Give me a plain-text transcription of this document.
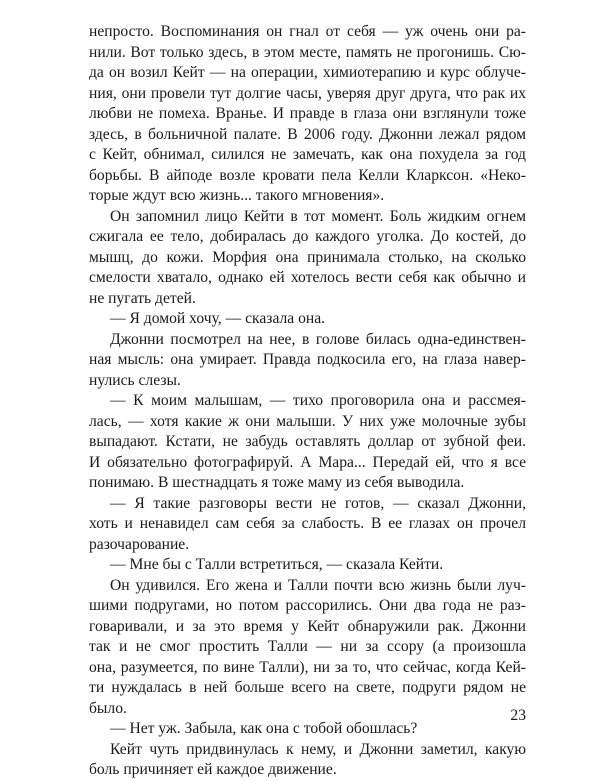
непросто. Воспоминания он гнал от себя — уж очень они ра-
нили. Вот только здесь, в этом месте, память не прогонишь. Сю-
да он возил Кейт — на операции, химиотерапию и курс облуче-
ния, они провели тут долгие часы, уверяя друг друга, что рак их
любви не помеха. Вранье. И правде в глаза они взглянули тоже
здесь, в больничной палате. В 2006 году. Джонни лежал рядом
с Кейт, обнимал, силился не замечать, как она похудела за год
борьбы. В айподе возле кровати пела Келли Кларксон. «Неко-
торые ждут всю жизнь... такого мгновения».
Он запомнил лицо Кейти в тот момент. Боль жидким огнем
сжигала ее тело, добиралась до каждого уголка. До костей, до
мышц, до кожи. Морфия она принимала столько, на сколько
смелости хватало, однако ей хотелось вести себя как обычно и
не пугать детей.
— Я домой хочу, — сказала она.
Джонни посмотрел на нее, в голове билась одна-единствен-
ная мысль: она умирает. Правда подкосила его, на глаза навер-
нулись слезы.
— К моим малышам, — тихо проговорила она и рассмея-
лась, — хотя какие ж они малыши. У них уже молочные зубы
выпадают. Кстати, не забудь оставлять доллар от зубной феи.
И обязательно фотографируй. А Мара... Передай ей, что я все
понимаю. В шестнадцать я тоже маму из себя выводила.
— Я такие разговоры вести не готов, — сказал Джонни,
хоть и ненавидел сам себя за слабость. В ее глазах он прочел
разочарование.
— Мне бы с Талли встретиться, — сказала Кейти.
Он удивился. Его жена и Талли почти всю жизнь были луч-
шими подругами, но потом рассорились. Они два года не раз-
говаривали, и за это время у Кейт обнаружили рак. Джонни
так и не смог простить Талли — ни за ссору (а произошла
она, разумеется, по вине Талли), ни за то, что сейчас, когда Кей-
ти нуждалась в ней больше всего на свете, подруги рядом не
было.
— Нет уж. Забыла, как она с тобой обошлась?
Кейт чуть придвинулась к нему, и Джонни заметил, какую
боль причиняет ей каждое движение.
23
